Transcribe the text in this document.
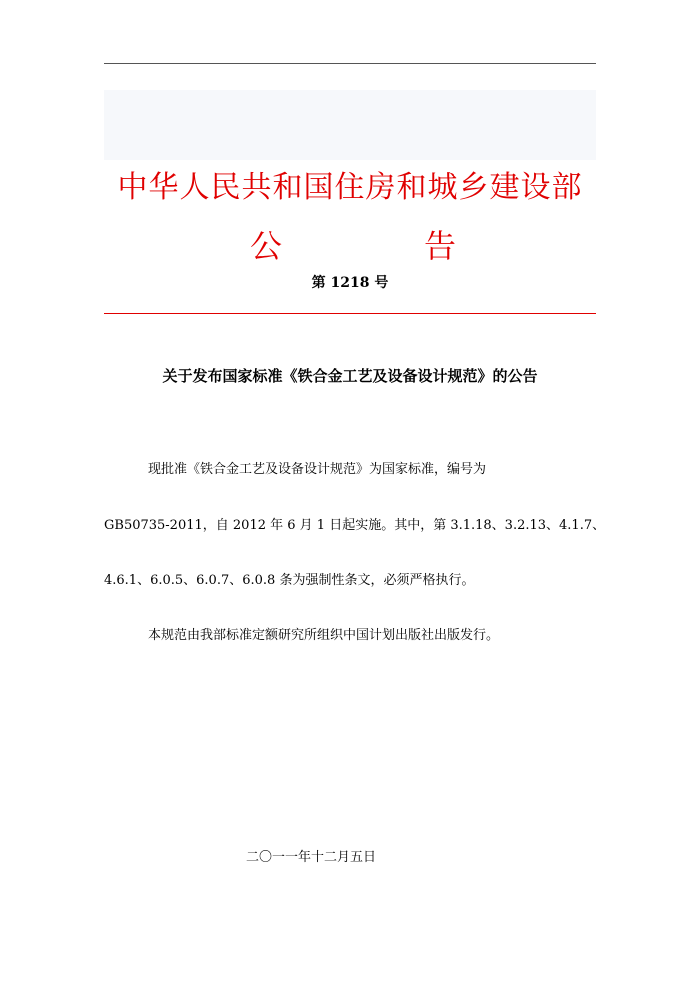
中华人民共和国住房和城乡建设部
公	告
第 1218 号
关于发布国家标准《铁合金工艺及设备设计规范》的公告
现批准《铁合金工艺及设备设计规范》为国家标准，编号为
GB50735-2011，自 2012 年 6 月 1 日起实施。其中，第 3.1.18、3.2.13、4.1.7、
4.6.1、6.0.5、6.0.7、6.0.8 条为强制性条文，必须严格执行。
本规范由我部标准定额研究所组织中国计划出版社出版发行。
二〇一一年十二月五日
